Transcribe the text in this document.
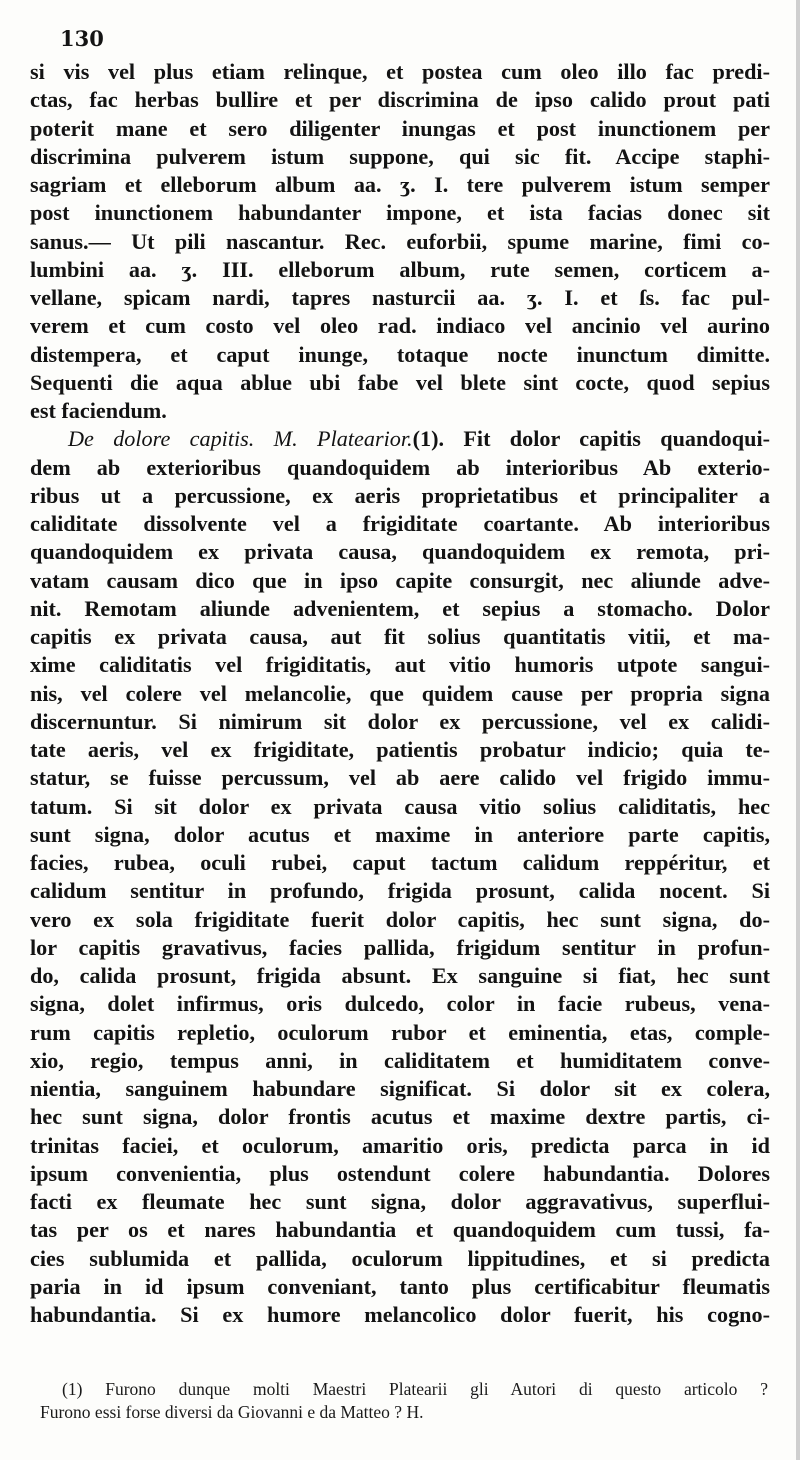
130
si vis vel plus etiam relinque, et postea cum oleo illo fac predi-
ctas, fac herbas bullire et per discrimina de ipso calido prout pati
poterit mane et sero diligenter inungas et post inunctionem per
discrimina pulverem istum suppone, qui sic fit. Accipe staphi-
sagriam et elleborum album aa. ʒ. I. tere pulverem istum semper
post inunctionem habundanter impone, et ista facias donec sit
sanus.— Ut pili nascantur. Rec. euforbii, spume marine, fimi co-
lumbini aa. ʒ. III. elleborum album, rute semen, corticem a-
vellane, spicam nardi, tapres nasturcii aa. ʒ. I. et ſs. fac pul-
verem et cum costo vel oleo rad. indiaco vel ancinio vel aurino
distempera, et caput inunge, totaque nocte inunctum dimitte.
Sequenti die aqua ablue ubi fabe vel blete sint cocte, quod sepius
est faciendum.
De dolore capitis. M. Platearior.(1). Fit dolor capitis quandoqui-
dem ab exterioribus quandoquidem ab interioribus Ab exterio-
ribus ut a percussione, ex aeris proprietatibus et principaliter a
caliditate dissolvente vel a frigiditate coartante. Ab interioribus
quandoquidem ex privata causa, quandoquidem ex remota, pri-
vatam causam dico que in ipso capite consurgit, nec aliunde adve-
nit. Remotam aliunde advenientem, et sepius a stomacho. Dolor
capitis ex privata causa, aut fit solius quantitatis vitii, et ma-
xime caliditatis vel frigiditatis, aut vitio humoris utpote sangui-
nis, vel colere vel melancolie, que quidem cause per propria signa
discernuntur. Si nimirum sit dolor ex percussione, vel ex calidi-
tate aeris, vel ex frigiditate, patientis probatur indicio; quia te-
statur, se fuisse percussum, vel ab aere calido vel frigido immu-
tatum. Si sit dolor ex privata causa vitio solius caliditatis, hec
sunt signa, dolor acutus et maxime in anteriore parte capitis,
facies, rubea, oculi rubei, caput tactum calidum reppéritur, et
calidum sentitur in profundo, frigida prosunt, calida nocent. Si
vero ex sola frigiditate fuerit dolor capitis, hec sunt signa, do-
lor capitis gravativus, facies pallida, frigidum sentitur in profun-
do, calida prosunt, frigida absunt. Ex sanguine si fiat, hec sunt
signa, dolet infirmus, oris dulcedo, color in facie rubeus, vena-
rum capitis repletio, oculorum rubor et eminentia, etas, comple-
xio, regio, tempus anni, in caliditatem et humiditatem conve-
nientia, sanguinem habundare significat. Si dolor sit ex colera,
hec sunt signa, dolor frontis acutus et maxime dextre partis, ci-
trinitas faciei, et oculorum, amaritio oris, predicta parca in id
ipsum convenientia, plus ostendunt colere habundantia. Dolores
facti ex fleumate hec sunt signa, dolor aggravativus, superflui-
tas per os et nares habundantia et quandoquidem cum tussi, fa-
cies sublumida et pallida, oculorum lippitudines, et si predicta
paria in id ipsum conveniant, tanto plus certificabitur fleumatis
habundantia. Si ex humore melancolico dolor fuerit, his cogno-
(1) Furono dunque molti Maestri Platearii gli Autori di questo articolo ?
Furono essi forse diversi da Giovanni e da Matteo ? H.
